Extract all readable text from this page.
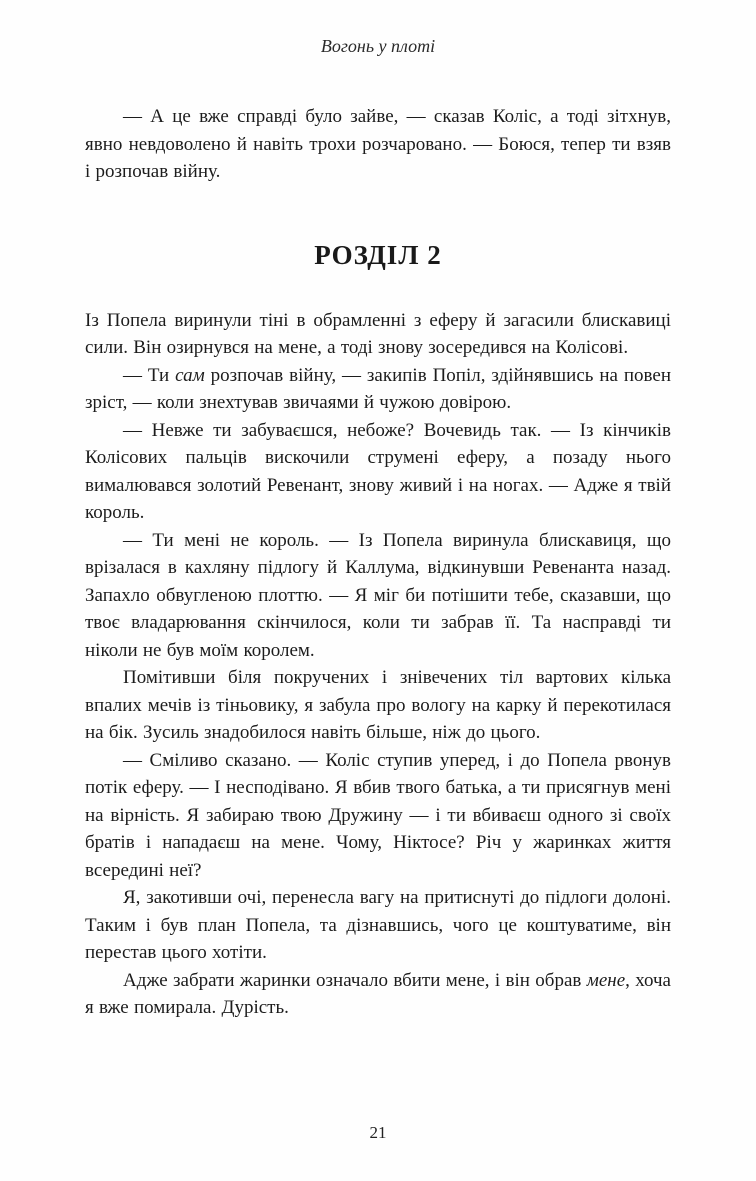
Вогонь у плоті

— А це вже справді було зайве, — сказав Коліс, а тоді зітхнув, явно невдоволено й навіть трохи розчаровано. — Боюся, тепер ти взяв і розпочав війну.

РОЗДІЛ 2

Із Попела виринули тіні в обрамленні з еферу й загасили блискавиці сили. Він озирнувся на мене, а тоді знову зосередився на Колісові.

— Ти сам розпочав війну, — закипів Попіл, здійнявшись на повен зріст, — коли знехтував звичаями й чужою довірою.

— Невже ти забуваєшся, небоже? Вочевидь так. — Із кінчиків Колісових пальців вискочили струмені еферу, а позаду нього вималювався золотий Ревенант, знову живий і на ногах. — Адже я твій король.

— Ти мені не король. — Із Попела виринула блискавиця, що врізалася в кахляну підлогу й Каллума, відкинувши Ревенанта назад. Запахло обвугленою плоттю. — Я міг би потішити тебе, сказавши, що твоє владарювання скінчилося, коли ти забрав її. Та насправді ти ніколи не був моїм королем.

Помітивши біля покручених і знівечених тіл вартових кілька впалих мечів із тіньовику, я забула про вологу на карку й перекотилася на бік. Зусиль знадобилося навіть більше, ніж до цього.

— Сміливо сказано. — Коліс ступив уперед, і до Попела рвонув потік еферу. — І несподівано. Я вбив твого батька, а ти присягнув мені на вірність. Я забираю твою Дружину — і ти вбиваєш одного зі своїх братів і нападаєш на мене. Чому, Ніктосе? Річ у жаринках життя всередині неї?

Я, закотивши очі, перенесла вагу на притиснуті до підлоги долоні. Таким і був план Попела, та дізнавшись, чого це коштуватиме, він перестав цього хотіти.

Адже забрати жаринки означало вбити мене, і він обрав мене, хоча я вже помирала. Дурість.

21
